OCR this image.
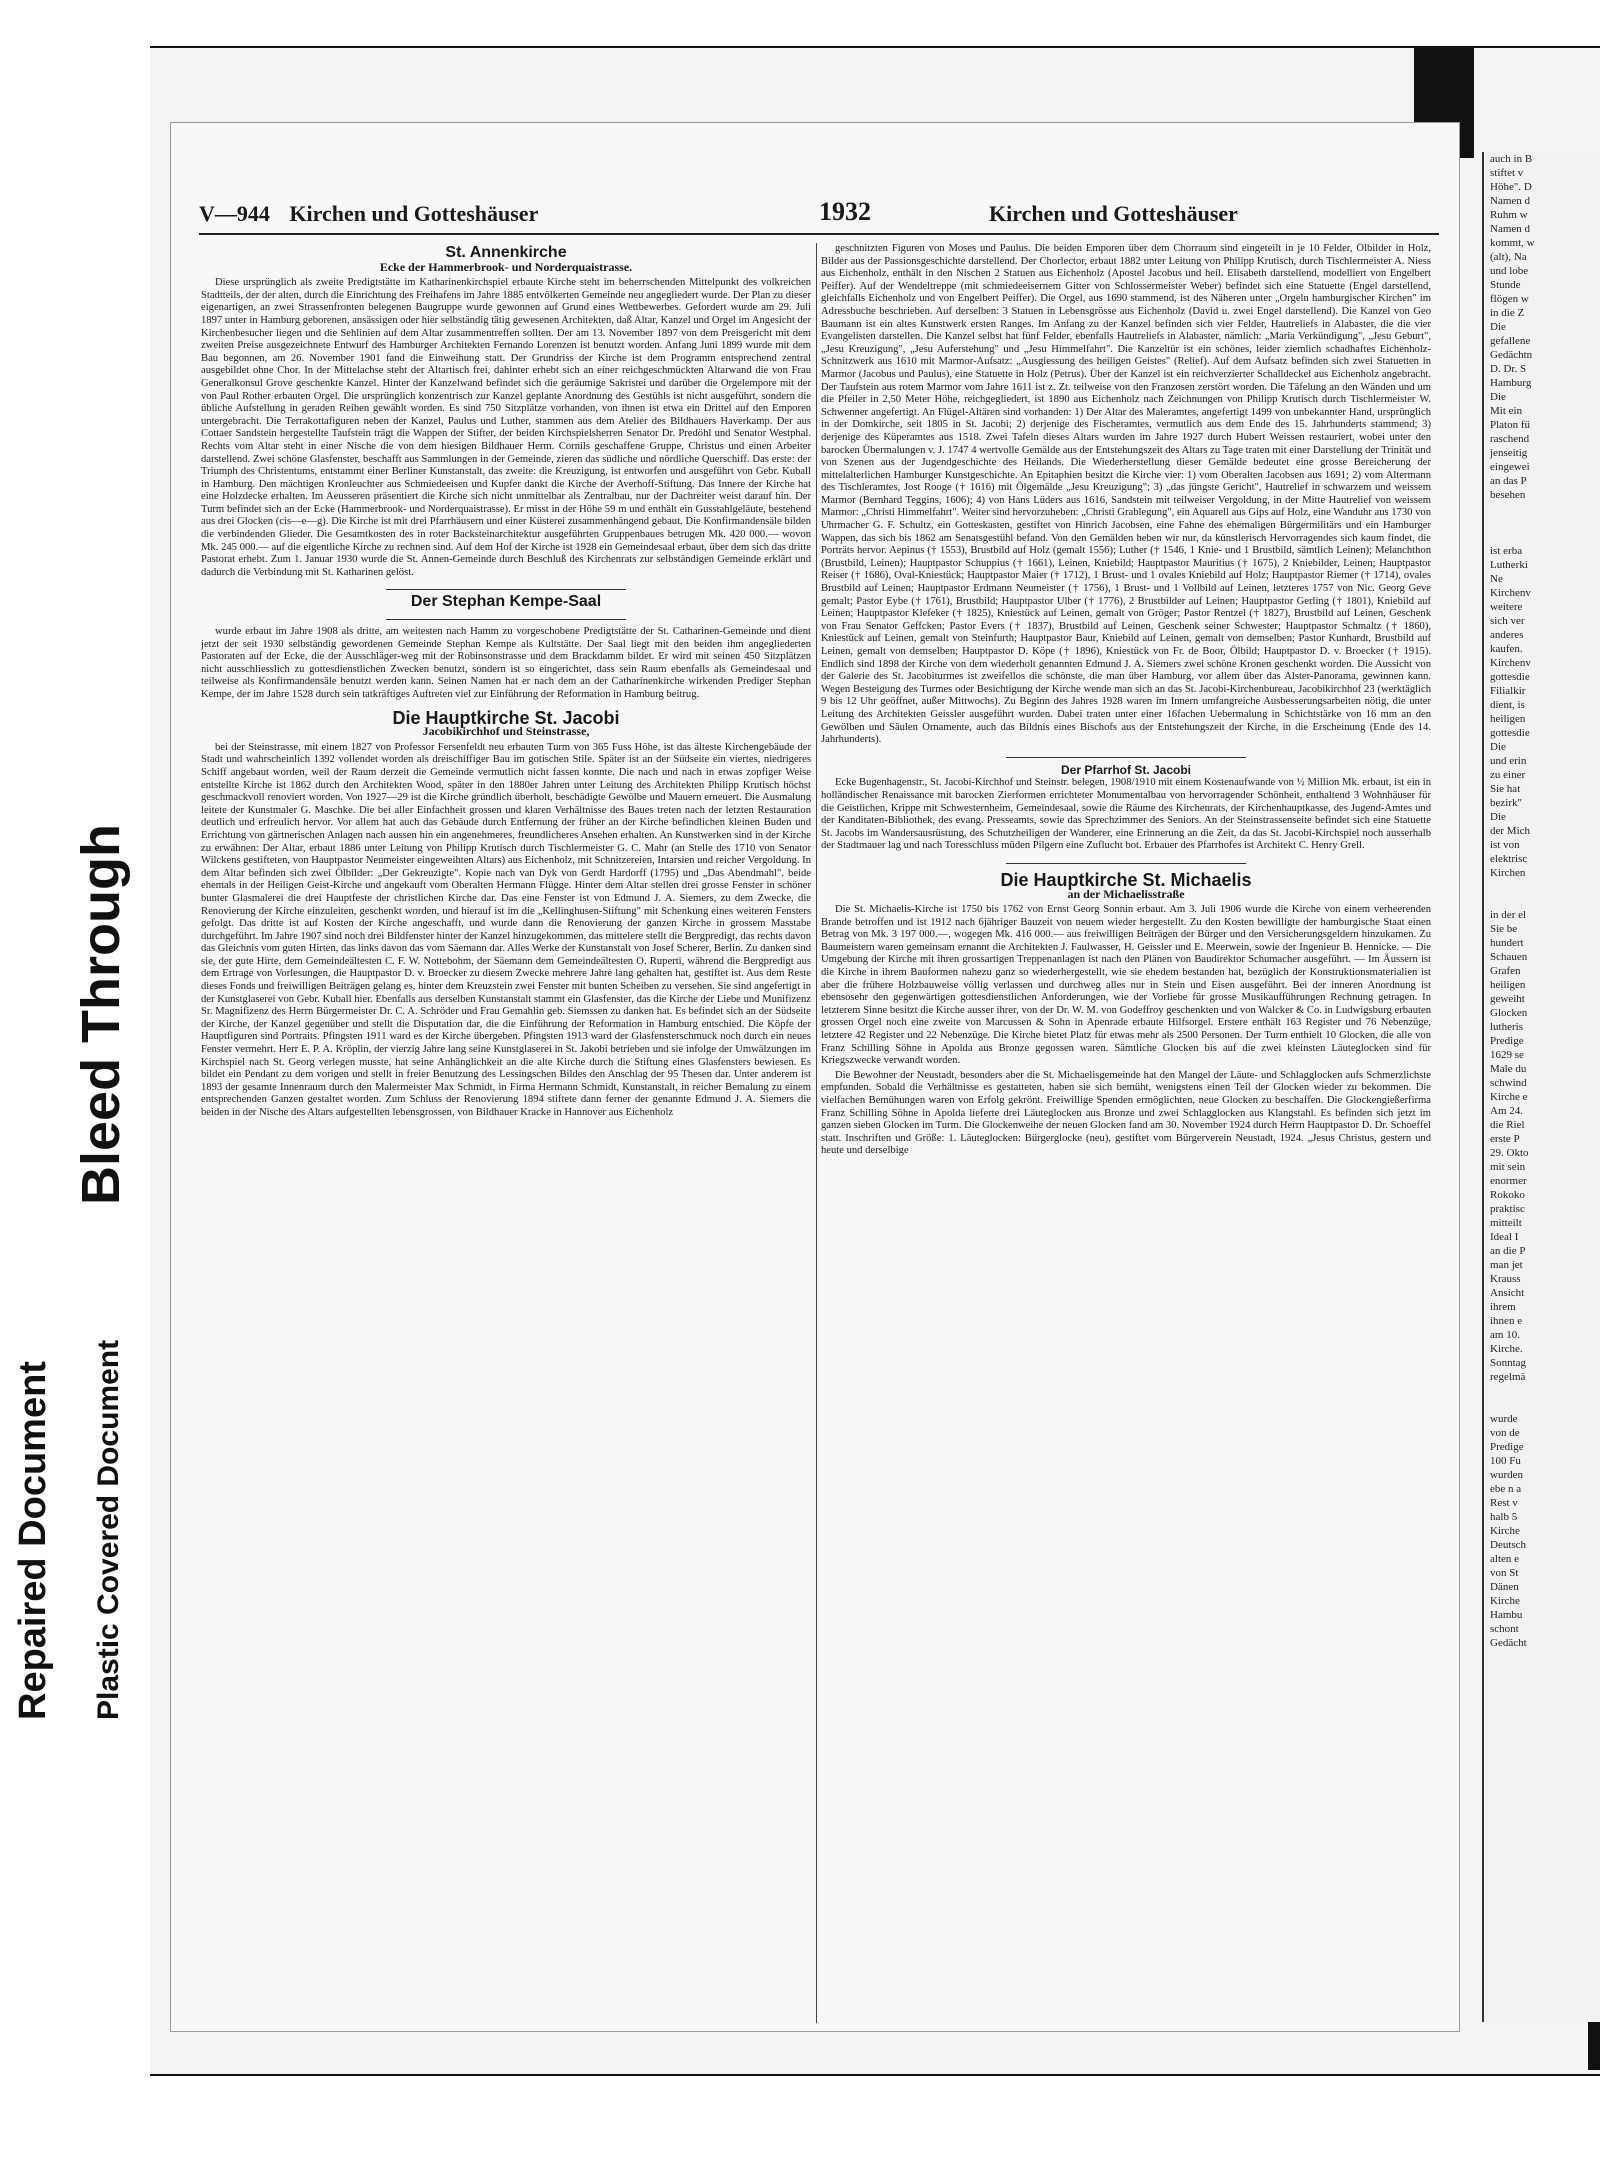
Repaired Document Plastic Covered Document
Bleed Through
V—944 Kirchen und Gotteshäuser	1932	Kirchen und Gotteshäuser
St. Annenkirche
Ecke der Hammerbrook- und Norderquaistrasse.

Diese ursprünglich als zweite Predigtstätte im Katharinenkirchspiel erbaute Kirche steht im beherrschenden Mittelpunkt des volkreichen Stadtteils, der der alten, durch die Einrichtung des Freihafens im Jahre 1885 entvölkerten Gemeinde neu angegliedert wurde. Der Plan zu dieser eigenartigen, an zwei Strassenfronten belegenen Baugruppe wurde gewonnen auf Grund eines Wettbewerbes. Gefordert wurde am 29. Juli 1897 unter in Hamburg geborenen, ansässigen oder hier selbständig tätig gewesenen Architekten, daß Altar, Kanzel und Orgel im Angesicht der Kirchenbesucher liegen und die Sehlinien auf dem Altar zusammentreffen sollten. Der am 13. November 1897 von dem Preisgericht mit dem zweiten Preise ausgezeichnete Entwurf des Hamburger Architekten Fernando Lorenzen ist benutzt worden. Anfang Juni 1899 wurde mit dem Bau begonnen, am 26. November 1901 fand die Einweihung statt. Der Grundriss der Kirche ist dem Programm entsprechend zentral ausgebildet ohne Chor. In der Mittelachse steht der Altartisch frei, dahinter erhebt sich an einer reichgeschmückten Altarwand die von Frau Generalkonsul Grove geschenkte Kanzel. Hinter der Kanzelwand befindet sich die geräumige Sakristei und darüber die Orgelempore mit der von Paul Rother erbauten Orgel. Die ursprünglich konzentrisch zur Kanzel geplante Anordnung des Gestühls ist nicht ausgeführt, sondern die übliche Aufstellung in geraden Reihen gewählt worden. Es sind 750 Sitzplätze vorhanden, von ihnen ist etwa ein Drittel auf den Emporen untergebracht. Die Terrakottafiguren neben der Kanzel, Paulus und Luther, stammen aus dem Atelier des Bildhauers Haverkamp. Der aus Cottaer Sandstein hergestellte Taufstein trägt die Wappen der Stifter, der beiden Kirchspielsherren Senator Dr. Predöhl und Senator Westphal. Rechts vom Altar steht in einer Nische die von dem hiesigen Bildhauer Herm. Cornils geschaffene Gruppe, Christus und einen Arbeiter darstellend. Zwei schöne Glasfenster, beschafft aus Sammlungen in der Gemeinde, zieren das südliche und nördliche Querschiff. Das erste: der Triumph des Christentums, entstammt einer Berliner Kunstanstalt, das zweite: die Kreuzigung, ist entworfen und ausgeführt von Gebr. Kuball in Hamburg. Den mächtigen Kronleuchter aus Schmiedeeisen und Kupfer dankt die Kirche der Averhoff-Stiftung. Das Innere der Kirche hat eine Holzdecke erhalten. Im Aeusseren präsentiert die Kirche sich nicht unmittelbar als Zentralbau, nur der Dachreiter weist darauf hin. Der Turm befindet sich an der Ecke (Hammerbrook- und Norderquaistrasse). Er misst in der Höhe 59 m und enthält ein Gusstahlgeläute, bestehend aus drei Glocken (cis—e—g). Die Kirche ist mit drei Pfarrhäusern und einer Küsterei zusammenhängend gebaut. Die Konfirmandensäle bilden die verbindenden Glieder. Die Gesamtkosten des in roter Backsteinarchitektur ausgeführten Gruppenbaues betrugen Mk. 420 000.— wovon Mk. 245 000.— auf die eigentliche Kirche zu rechnen sind. Auf dem Hof der Kirche ist 1928 ein Gemeindesaal erbaut, über dem sich das dritte Pastorat erhebt. Zum 1. Januar 1930 wurde die St. Annen-Gemeinde durch Beschluß des Kirchenrats zur selbständigen Gemeinde erklärt und dadurch die Verbindung mit St. Katharinen gelöst.

Der Stephan Kempe-Saal

wurde erbaut im Jahre 1908 als dritte, am weitesten nach Hamm zu vorgeschobene Predigtstätte der St. Catharinen-Gemeinde und dient jetzt der seit 1930 selbständig gewordenen Gemeinde Stephan Kempe als Kultstätte. Der Saal liegt mit den beiden ihm angegliederten Pastoraten auf der Ecke, die der Ausschläger-weg mit der Robinsonstrasse und dem Brackdamm bildet. Er wird mit seinen 450 Sitzplätzen nicht ausschliesslich zu gottesdienstlichen Zwecken benutzt, sondern ist so eingerichtet, dass sein Raum ebenfalls als Gemeindesaal und teilweise als Konfirmandensäle benutzt werden kann. Seinen Namen hat er nach dem an der Catharinenkirche wirkenden Prediger Stephan Kempe, der im Jahre 1528 durch sein tatkräftiges Auftreten viel zur Einführung der Reformation in Hamburg beitrug.

Die Hauptkirche St. Jacobi
Jacobikirchhof und Steinstrasse,

bei der Steinstrasse, mit einem 1827 von Professor Fersenfeldt neu erbauten Turm von 365 Fuss Höhe, ist das älteste Kirchengebäude der Stadt und wahrscheinlich 1392 vollendet worden als dreischiffiger Bau im gotischen Stile. Später ist an der Südseite ein viertes, niedrigeres Schiff angebaut worden, weil der Raum derzeit die Gemeinde vermutlich nicht fassen konnte. Die nach und nach in etwas zopfiger Weise entstellte Kirche ist 1862 durch den Architekten Wood, später in den 1880er Jahren unter Leitung des Architekten Philipp Krutisch höchst geschmackvoll renoviert worden. Von 1927—29 ist die Kirche gründlich überholt, beschädigte Gewölbe und Mauern erneuert. Die Ausmalung leitete der Kunstmaler G. Maschke. Die bei aller Einfachheit grossen und klaren Verhältnisse des Baues treten nach der letzten Restauration deutlich und erfreulich hervor. Vor allem hat auch das Gebäude durch Entfernung der früher an der Kirche befindlichen kleinen Buden und Errichtung von gärtnerischen Anlagen nach aussen hin ein angenehmeres, freundlicheres Ansehen erhalten. An Kunstwerken sind in der Kirche zu erwähnen: Der Altar, erbaut 1886 unter Leitung von Philipp Krutisch durch Tischlermeister G. C. Mahr (an Stelle des 1710 von Senator Wilckens gestifteten, von Hauptpastor Neumeister eingeweihten Altars) aus Eichenholz, mit Schnitzereien, Intarsien und reicher Vergoldung. In dem Altar befinden sich zwei Ölbilder: „Der Gekreuzigte". Kopie nach van Dyk von Gerdt Hardorff (1795) und „Das Abendmahl". beide ehemals in der Heiligen Geist-Kirche und angekauft vom Oberalten Hermann Flügge. Hinter dem Altar stellen drei grosse Fenster in schöner bunter Glasmalerei die drei Hauptfeste der christlichen Kirche dar. Das eine Fenster ist von Edmund J. A. Siemers, zu dem Zwecke, die Renovierung der Kirche einzuleiten, geschenkt worden, und hierauf ist im die „Kellinghusen-Stiftung" mit Schenkung eines weiteren Fensters gefolgt. Das dritte ist auf Kosten der Kirche angeschafft, und wurde dann die Renovierung der ganzen Kirche in grossem Masstabe durchgeführt. Im Jahre 1907 sind noch drei Bildfenster hinter der Kanzel hinzugekommen, das mittelere stellt die Bergpredigt, das rechts davon das Gleichnis vom guten Hirten, das links davon das vom Säemann dar. Alles Werke der Kunstanstalt von Josef Scherer, Berlin. Zu danken sind sie, der gute Hirte, dem Gemeindeältesten C. F. W. Nottebohm, der Säemann dem Gemeindeältesten O. Ruperti, während die Bergpredigt aus dem Ertrage von Vorlesungen, die Hauptpastor D. v. Broecker zu diesem Zwecke mehrere Jahre lang gehalten hat, gestiftet ist. Aus dem Reste dieses Fonds und freiwilligen Beiträgen gelang es, hinter dem Kreuzstein zwei Fenster mit bunten Scheiben zu versehen. Sie sind angefertigt in der Kunstglaserei von Gebr. Kuball hier. Ebenfalls aus derselben Kunstanstalt stammt ein Glasfenster, das die Kirche der Liebe und Munifizenz Sr. Magnifizenz des Herrn Bürgermeister Dr. C. A. Schröder und Frau Gemahlin geb. Siemssen zu danken hat. Es befindet sich an der Südseite der Kirche, der Kanzel gegenüber und stellt die Disputation dar, die die Einführung der Reformation in Hamburg entschied. Die Köpfe der Hauptfiguren sind Portraits. Pfingsten 1911 ward es der Kirche übergeben. Pfingsten 1913 ward der Glasfensterschmuck noch durch ein neues Fenster vermehrt. Herr E. P. A. Kröplin, der vierzig Jahre lang seine Kunstglaserei in St. Jakobi betrieben und sie infolge der Umwälzungen im Kirchspiel nach St. Georg verlegen musste, hat seine Anhänglichkeit an die alte Kirche durch die Stiftung eines Glasfensters bewiesen. Es bildet ein Pendant zu dem vorigen und stellt in freier Benutzung des Lessingschen Bildes den Anschlag der 95 Thesen dar. Unter anderem ist 1893 der gesamte Innenraum durch den Malermeister Max Schmidt, in Firma Hermann Schmidt, Kunstanstalt, in reicher Bemalung zu einem entsprechenden Ganzen gestaltet worden. Zum Schluss der Renovierung 1894 stiftete dann ferner der genannte Edmund J. A. Siemers die beiden in der Nische des Altars aufgestellten lebensgrossen, von Bildhauer Kracke in Hannover aus Eichenholz

geschnitzten Figuren von Moses und Paulus. Die beiden Emporen über dem Chorraum sind eingeteilt in je 10 Felder, Ölbilder in Holz, Bilder aus der Passionsgeschichte darstellend. Der Chorlector, erbaut 1882 unter Leitung von Philipp Krutisch, durch Tischlermeister A. Niess aus Eichenholz, enthält in den Nischen 2 Statuen aus Eichenholz (Apostel Jacobus und heil. Elisabeth darstellend, modelliert von Engelbert Peiffer). Auf der Wendeltreppe (mit schmiedeeisernem Gitter von Schlossermeister Weber) befindet sich eine Statuette (Engel darstellend, gleichfalls Eichenholz und von Engelbert Peiffer). Die Orgel, aus 1690 stammend, ist des Näheren unter „Orgeln hamburgischer Kirchen" im Adressbuche beschrieben. Auf derselben: 3 Statuen in Lebensgrösse aus Eichenholz (David u. zwei Engel darstellend). Die Kanzel von Geo Baumann ist ein altes Kunstwerk ersten Ranges. Im Anfang zu der Kanzel befinden sich vier Felder, Hautreliefs in Alabaster, die die vier Evangelisten darstellen. Die Kanzel selbst hat fünf Felder, ebenfalls Hautreliefs in Alabaster, nämlich: „Maria Verkündigung", „Jesu Geburt", „Jesu Kreuzigung", „Jesu Auferstehung" und „Jesu Himmelfahrt". Die Kanzeltür ist ein schönes, leider ziemlich schadhaftes Eichenholz-Schnitzwerk aus 1610 mit Marmor-Aufsatz: „Ausgiessung des heiligen Geistes" (Relief). Auf dem Aufsatz befinden sich zwei Statuetten in Marmor (Jacobus und Paulus), eine Statuette in Holz (Petrus). Über der Kanzel ist ein reichverzierter Schalldeckel aus Eichenholz angebracht. Der Taufstein aus rotem Marmor vom Jahre 1611 ist z. Zt. teilweise von den Franzosen zerstört worden. Die Täfelung an den Wänden und um die Pfeiler in 2,50 Meter Höhe, reichgegliedert, ist 1890 aus Eichenholz nach Zeichnungen von Philipp Krutisch durch Tischlermeister W. Schwenner angefertigt. An Flügel-Altären sind vorhanden: 1) Der Altar des Maleramtes, angefertigt 1499 von unbekannter Hand, ursprünglich in der Domkirche, seit 1805 in St. Jacobi; 2) derjenige des Fischeramtes, vermutlich aus dem Ende des 15. Jahrhunderts stammend; 3) derjenige des Küperamtes aus 1518. Zwei Tafeln dieses Altars wurden im Jahre 1927 durch Hubert Weissen restauriert, wobei unter den barocken Übermalungen v. J. 1747 4 wertvolle Gemälde aus der Entstehungszeit des Altars zu Tage traten mit einer Darstellung der Trinität und von Szenen aus der Jugendgeschichte des Heilands. Die Wiederherstellung dieser Gemälde bedeutet eine grosse Bereicherung der mittelalterlichen Hamburger Kunstgeschichte. An Epitaphien besitzt die Kirche vier: 1) vom Oberalten Jacobsen aus 1691; 2) vom Altermann des Tischleramtes, Jost Rooge († 1616) mit Ölgemälde „Jesu Kreuzigung"; 3) „das jüngste Gericht", Hautrelief in schwarzem und weissem Marmor (Bernhard Teggins, 1606); 4) von Hans Lüders aus 1616, Sandstein mit teilweiser Vergoldung, in der Mitte Hautrelief von weissem Marmor: „Christi Himmelfahrt". Weiter sind hervorzuheben: „Christi Grablegung", ein Aquarell aus Gips auf Holz, eine Wanduhr aus 1730 von Uhrmacher G. F. Schultz, ein Gotteskasten, gestiftet von Hinrich Jacobsen, eine Fahne des ehemaligen Bürgermilitärs und ein Hamburger Wappen, das sich bis 1862 am Senatsgestühl befand. Von den Gemälden heben wir nur, da künstlerisch Hervorragendes sich kaum findet, die Porträts hervor. Aepinus († 1553), Brustbild auf Holz (gemalt 1556); Luther († 1546, 1 Knie- und 1 Brustbild, sämtlich Leinen); Melanchthon (Brustbild, Leinen); Hauptpastor Schuppius († 1661), Leinen, Kniebild; Hauptpastor Mauritius († 1675), 2 Kniebilder, Leinen; Hauptpastor Reiser († 1686), Oval-Kniestück; Hauptpastor Maier († 1712), 1 Brust- und 1 ovales Kniebild auf Holz; Hauptpastor Riemer († 1714), ovales Brustbild auf Leinen; Hauptpastor Erdmann Neumeister († 1756), 1 Brust- und 1 Vollbild auf Leinen, letzteres 1757 von Nic. Georg Geve gemalt; Pastor Eybe († 1761), Brustbild; Hauptpastor Ulber († 1776), 2 Brustbilder auf Leinen; Hauptpastor Gerling († 1801), Kniebild auf Leinen; Hauptpastor Klefeker († 1825), Kniestück auf Leinen, gemalt von Gröger; Pastor Rentzel († 1827), Brustbild auf Leinen, Geschenk von Frau Senator Geffcken; Pastor Evers († 1837), Brustbild auf Leinen, Geschenk seiner Schwester; Hauptpastor Schmaltz († 1860), Kniestück auf Leinen, gemalt von Steinfurth; Hauptpastor Baur, Kniebild auf Leinen, gemalt von demselben; Pastor Kunhardt, Brustbild auf Leinen, gemalt von demselben; Hauptpastor D. Köpe († 1896), Kniestück von Fr. de Boor, Ölbild; Hauptpastor D. v. Broecker († 1915). Endlich sind 1898 der Kirche von dem wiederholt genannten Edmund J. A. Siemers zwei schöne Kronen geschenkt worden. Die Aussicht von der Galerie des St. Jacobiturmes ist zweifellos die schönste, die man über Hamburg, vor allem über das Alster-Panorama, gewinnen kann. Wegen Besteigung des Turmes oder Besichtigung der Kirche wende man sich an das St. Jacobi-Kirchenbureau, Jacobikirchhof 23 (werktäglich 9 bis 12 Uhr geöffnet, außer Mittwochs). Zu Beginn des Jahres 1928 waren im Innern umfangreiche Ausbesserungsarbeiten nötig, die unter Leitung des Architekten Geissler ausgeführt wurden. Dabei traten unter einer 16fachen Uebermalung in Schichtstärke von 16 mm an den Gewölben und Säulen Ornamente, auch das Bildnis eines Bischofs aus der Entstehungszeit der Kirche, in die Erscheinung (Ende des 14. Jahrhunderts).

Der Pfarrhof St. Jacobi

Ecke Bugenhagenstr., St. Jacobi-Kirchhof und Steinstr. belegen, 1908/1910 mit einem Kostenaufwande von ½ Million Mk. erbaut, ist ein in holländischer Renaissance mit barocken Zierformen errichteter Monumentalbau von hervorragender Schönheit, enthaltend 3 Wohnhäuser für die Geistlichen, Krippe mit Schwesternheim, Gemeindesaal, sowie die Räume des Kirchenrats, der Kirchenhauptkasse, des Jugend-Amtes und der Kanditaten-Bibliothek, des evang. Presseamts, sowie das Sprechzimmer des Seniors. An der Steinstrassenseite befindet sich eine Statuette St. Jacobs im Wandersausrüstung, des Schutzheiligen der Wanderer, eine Erinnerung an die Zeit, da das St. Jacobi-Kirchspiel noch ausserhalb der Stadtmauer lag und nach Toresschluss müden Pilgern eine Zuflucht bot. Erbauer des Pfarrhofes ist Architekt C. Henry Grell.

Die Hauptkirche St. Michaelis
an der Michaelisstraße

Die St. Michaelis-Kirche ist 1750 bis 1762 von Ernst Georg Sonnin erbaut. Am 3. Juli 1906 wurde die Kirche von einem verheerenden Brande betroffen und ist 1912 nach 6jähriger Bauzeit von neuem wieder hergestellt. Zu den Kosten bewilligte der hamburgische Staat einen Betrag von Mk. 3 197 000.—, wogegen Mk. 416 000.— aus freiwilligen Beiträgen der Bürger und den Versicherungsgeldern hinzukamen. Zu Baumeistern waren gemeinsam ernannt die Architekten J. Faulwasser, H. Geissler und E. Meerwein, sowie der Ingenieur B. Hennicke. — Die Umgebung der Kirche mit ihren grossartigen Treppenanlagen ist nach den Plänen von Baudirektor Schumacher ausgeführt. — Im Äussern ist die Kirche in ihrem Bauformen nahezu ganz so wiederhergestellt, wie sie ehedem bestanden hat, bezüglich der Konstruktionsmaterialien ist aber die frühere Holzbauweise völlig verlassen und durchweg alles nur in Stein und Eisen ausgeführt. Bei der inneren Anordnung ist ebensosehr den gegenwärtigen gottesdienstlichen Anforderungen, wie der Vorliebe für grosse Musikaufführungen Rechnung getragen. In letzterem Sinne besitzt die Kirche ausser ihrer, von der Dr. W. M. von Godeffroy geschenkten und von Walcker & Co. in Ludwigsburg erbauten grossen Orgel noch eine zweite von Marcussen & Sohn in Apenrade erbaute Hilfsorgel. Erstere enthält 163 Register und 76 Nebenzüge, letztere 42 Register und 22 Nebenzüge. Die Kirche bietet Platz für etwas mehr als 2500 Personen. Der Turm enthielt 10 Glocken, die alle von Franz Schilling Söhne in Apolda aus Bronze gegossen waren. Sämtliche Glocken bis auf die zwei kleinsten Läuteglocken sind für Kriegszwecke verwandt worden.

Die Bewohner der Neustadt, besonders aber die St. Michaelisgemeinde hat den Mangel der Läute- und Schlagglocken aufs Schmerzlichste empfunden. Sobald die Verhältnisse es gestatteten, haben sie sich bemüht, wenigstens einen Teil der Glocken wieder zu bekommen. Die vielfachen Bemühungen waren von Erfolg gekrönt. Freiwillige Spenden ermöglichten, neue Glocken zu beschaffen. Die Glockengießerfirma Franz Schilling Söhne in Apolda lieferte drei Läuteglocken aus Bronze und zwei Schlagglocken aus Klangstahl. Es befinden sich jetzt im ganzen sieben Glocken im Turm. Die Glockenweihe der neuen Glocken fand am 30. November 1924 durch Herrn Hauptpastor D. Dr. Schoeffel statt. Inschriften und Größe: 1. Läuteglocken: Bürgerglocke (neu), gestiftet vom Bürgerverein Neustadt, 1924. „Jesus Christus, gestern und heute und derselbige

auch in B
stiftet v
Höhe". D
Namen d
Ruhm w
Namen d
kommt, w
(alt), Na
und lobe
Stunde
flögen w
in die Z
Die
gefallene
Gedächtn
D. Dr. S
Hamburg
Die
Mit ein
Platon fü
raschend
jenseitig
eingewei
an das P
besehen

ist erba
Lutherki
Ne
Kirchenv
weitere
sich ver
anderes
kaufen.
Kirchenv
gottesdie
Filialkir
dient, is
heiligen
gottesdie
Die
und erin
zu einer
Sie hat
bezirk"
Die
der Mich
ist von
elektrisc
Kirchen

in der el
Sie be
hundert
Schauen
Grafen
heiligen
geweiht
Glocken
lutheris
Predige
1629 se
Male du
schwind
Kirche e
Am 24.
die Riel
erste P
29. Okto
mit sein
enormer
Rokoko
praktisc
mitteilt
Ideal I
an die P
man jet
Krauss
Ansicht
ihrem
ihnen e
am 10.
Kirche.
Sonntag
regelmä

wurde
von de
Predige
100 Fu
wurden
ebe n a
Rest v
halb 5
Kirche
Deutsch
alten e
von St
Dänen
Kirche
Hambu
schont
Gedächt
